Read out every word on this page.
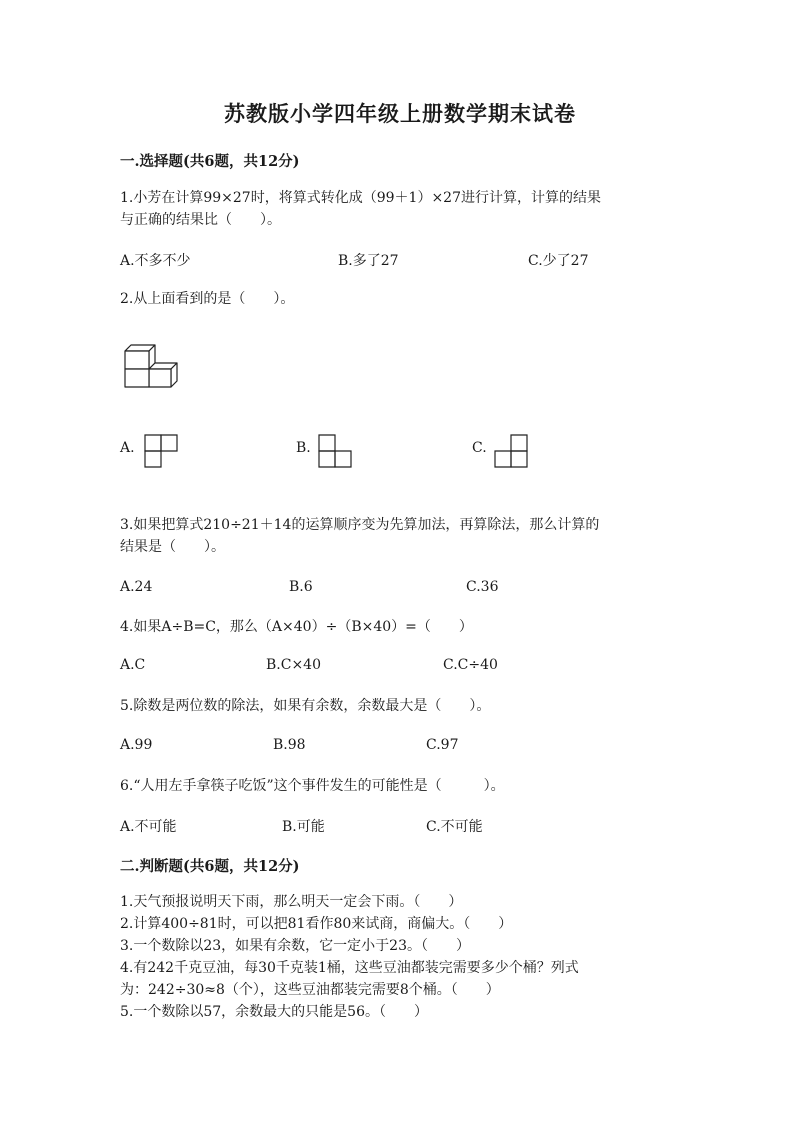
苏教版小学四年级上册数学期末试卷
一.选择题(共6题，共12分)
1.小芳在计算99×27时，将算式转化成（99＋1）×27进行计算，计算的结果
与正确的结果比（　　）。
A.不多不少	B.多了27	C.少了27
2.从上面看到的是（　　）。
A.	B.	C.
3.如果把算式210÷21＋14的运算顺序变为先算加法，再算除法，那么计算的
结果是（　　）。
A.24	B.6	C.36
4.如果A÷B=C，那么（A×40）÷（B×40）=（　　）
A.C	B.C×40	C.C÷40
5.除数是两位数的除法，如果有余数，余数最大是（　　）。
A.99	B.98	C.97
6.“人用左手拿筷子吃饭”这个事件发生的可能性是（　　　）。
A.不可能	B.可能	C.不可能
二.判断题(共6题，共12分)
1.天气预报说明天下雨，那么明天一定会下雨。（　　）
2.计算400÷81时，可以把81看作80来试商，商偏大。（　　）
3.一个数除以23，如果有余数，它一定小于23。（　　）
4.有242千克豆油，每30千克装1桶，这些豆油都装完需要多少个桶？列式
为：242÷30≈8（个），这些豆油都装完需要8个桶。（　　）
5.一个数除以57，余数最大的只能是56。（　　）
